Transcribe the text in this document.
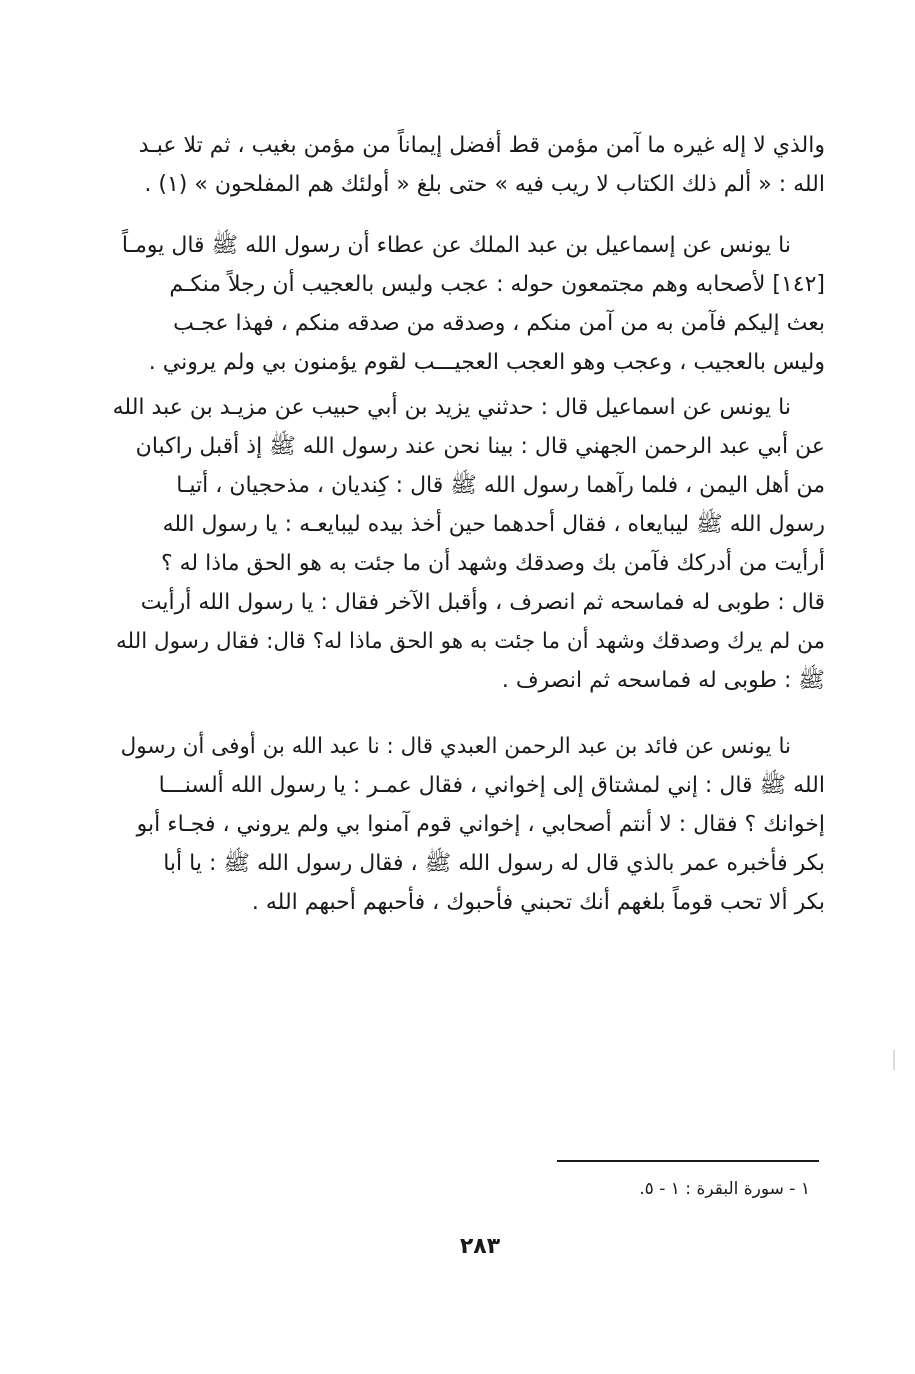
والذي لا إله غيره ما آمن مؤمن قط أفضل إيماناً من مؤمن بغيب ، ثم تلا عبـد
الله : « ألم ذلك الكتاب لا ريب فيه » حتى بلغ « أولئك هم المفلحون » (١) .
نا يونس عن إسماعيل بن عبد الملك عن عطاء أن رسول الله ﷺ قال يومـاً
[١٤٢] لأصحابه وهم مجتمعون حوله : عجب وليس بالعجيب أن رجلاً منكـم
بعث إليكم فآمن به من آمن منكم ، وصدقه من صدقه منكم ، فهذا عجـب
وليس بالعجيب ، وعجب وهو العجب العجيـــب لقوم يؤمنون بي ولم يروني .
نا يونس عن اسماعيل قال : حدثني يزيد بن أبي حبيب عن مزيـد بن عبد الله
عن أبي عبد الرحمن الجهني قال : بينا نحن عند رسول الله ﷺ إذ أقبل راكبان
من أهل اليمن ، فلما رآهما رسول الله ﷺ قال : كِنديان ، مذحجيان ، أتيـا
رسول الله ﷺ ليبايعاه ، فقال أحدهما حين أخذ بيده ليبايعـه : يا رسول الله
أرأيت من أدركك فآمن بك وصدقك وشهد أن ما جئت به هو الحق ماذا له ؟
قال : طوبى له فماسحه ثم انصرف ، وأقبل الآخر فقال : يا رسول الله أرأيت
من لم يرك وصدقك وشهد أن ما جئت به هو الحق ماذا له؟ قال: فقال رسول الله
ﷺ : طوبى له فماسحه ثم انصرف .
نا يونس عن فائد بن عبد الرحمن العبدي قال : نا عبد الله بن أوفى أن رسول
الله ﷺ قال : إني لمشتاق إلى إخواني ، فقال عمـر : يا رسول الله ألسنـــا
إخوانك ؟ فقال : لا أنتم أصحابي ، إخواني قوم آمنوا بي ولم يروني ، فجـاء أبو
بكر فأخبره عمر بالذي قال له رسول الله ﷺ ، فقال رسول الله ﷺ : يا أبا
بكر ألا تحب قوماً بلغهم أنك تحبني فأحبوك ، فأحبهم أحبهم الله .
١ - سورة البقرة : ١ - ٥.
٢٨٣
